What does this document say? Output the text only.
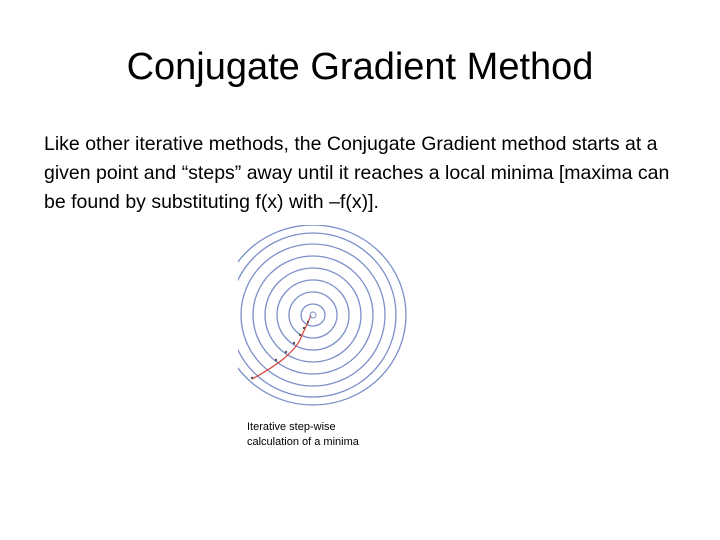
Conjugate Gradient Method

Like other iterative methods, the Conjugate Gradient method starts at a given point and “steps” away until it reaches a local minima [maxima can be found by substituting f(x) with –f(x)].

Iterative step-wise
calculation of a minima
